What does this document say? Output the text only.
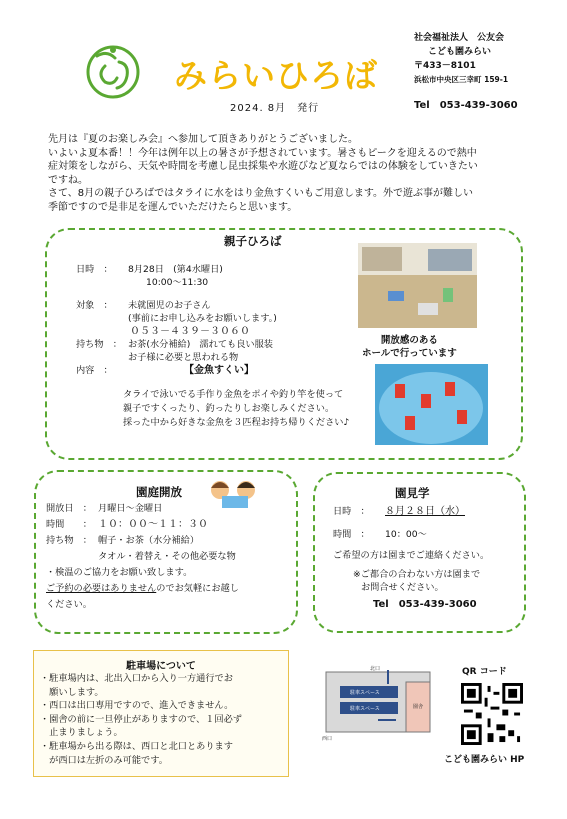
みらいひろば
2024. 8月　発行
社会福祉法人　公友会
こども園みらい
〒433－8101
浜松市中央区三幸町 159-1
Tel　053-439-3060
先月は『夏のお楽しみ会』へ参加して頂きありがとうございました。
いよいよ夏本番！！今年は例年以上の暑さが予想されています。暑さもピークを迎えるので熱中
症対策をしながら、天気や時間を考慮し昆虫採集や水遊びなど夏ならではの体験をしていきたい
ですね。
さて、8月の親子ひろばではタライに水をはり金魚すくいもご用意します。外で遊ぶ事が難しい
季節ですので是非足を運んでいただけたらと思います。
親子ひろば
日時　： 8月28日　(第4水曜日)
10:00～11:30
対象　： 未就園児のお子さん
(事前にお申し込みをお願いします。)
０５３－４３９－３０６０
持ち物　： お茶(水分補給)　濡れても良い服装
お子様に必要と思われる物
内容　：	【金魚すくい】
タライで泳いでる手作り金魚をポイや釣り竿を使って
親子ですくったり、釣ったりしお楽しみください。
採った中から好きな金魚を３匹程お持ち帰りください♪
開放感のある
ホールで行っています
園庭開放
開放日　： 月曜日～金曜日
時間　　： １０：００～１１：３０
持ち物　： 帽子・お茶（水分補給）
タオル・着替え・その他必要な物
・検温のご協力をお願い致します。
ご予約の必要はありませんのでお気軽にお越し
ください。
園見学
日時　： ８月２８日（水）
時間　： 10：00～
ご希望の方は園までご連絡ください。
※ご都合の合わない方は園まで
お問合せください。
Tel　053-439-3060
駐車場について
・駐車場内は、北出入口から入り一方通行でお
　願いします。
・西口は出口専用ですので、進入できません。
・園舎の前に一旦停止がありますので、１回必ず
　止まりましょう。
・駐車場から出る際は、西口と北口とあります
　が西口は左折のみ可能です。
北口
駐車スペース
駐車スペース
西口
園舎
QR コード
こども園みらい HP
